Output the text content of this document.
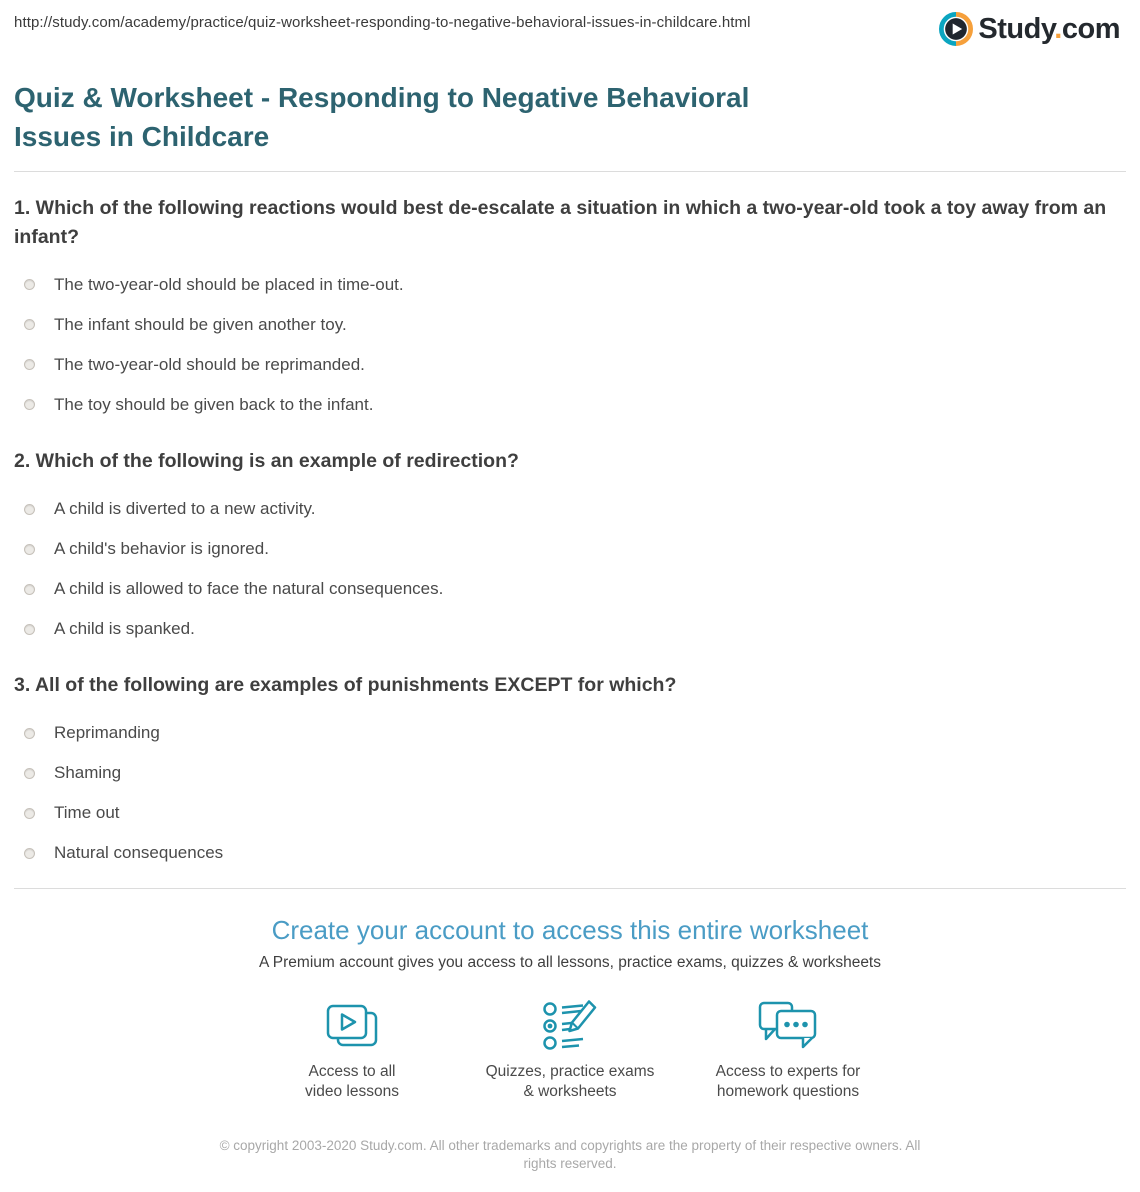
http://study.com/academy/practice/quiz-worksheet-responding-to-negative-behavioral-issues-in-childcare.html	Study.com
Quiz & Worksheet - Responding to Negative Behavioral Issues in Childcare
1. Which of the following reactions would best de-escalate a situation in which a two-year-old took a toy away from an infant?
The two-year-old should be placed in time-out.
The infant should be given another toy.
The two-year-old should be reprimanded.
The toy should be given back to the infant.
2. Which of the following is an example of redirection?
A child is diverted to a new activity.
A child's behavior is ignored.
A child is allowed to face the natural consequences.
A child is spanked.
3. All of the following are examples of punishments EXCEPT for which?
Reprimanding
Shaming
Time out
Natural consequences
Create your account to access this entire worksheet
A Premium account gives you access to all lessons, practice exams, quizzes & worksheets
Access to all
video lessons
Quizzes, practice exams
& worksheets
Access to experts for
homework questions
© copyright 2003-2020 Study.com. All other trademarks and copyrights are the property of their respective owners. All rights reserved.
